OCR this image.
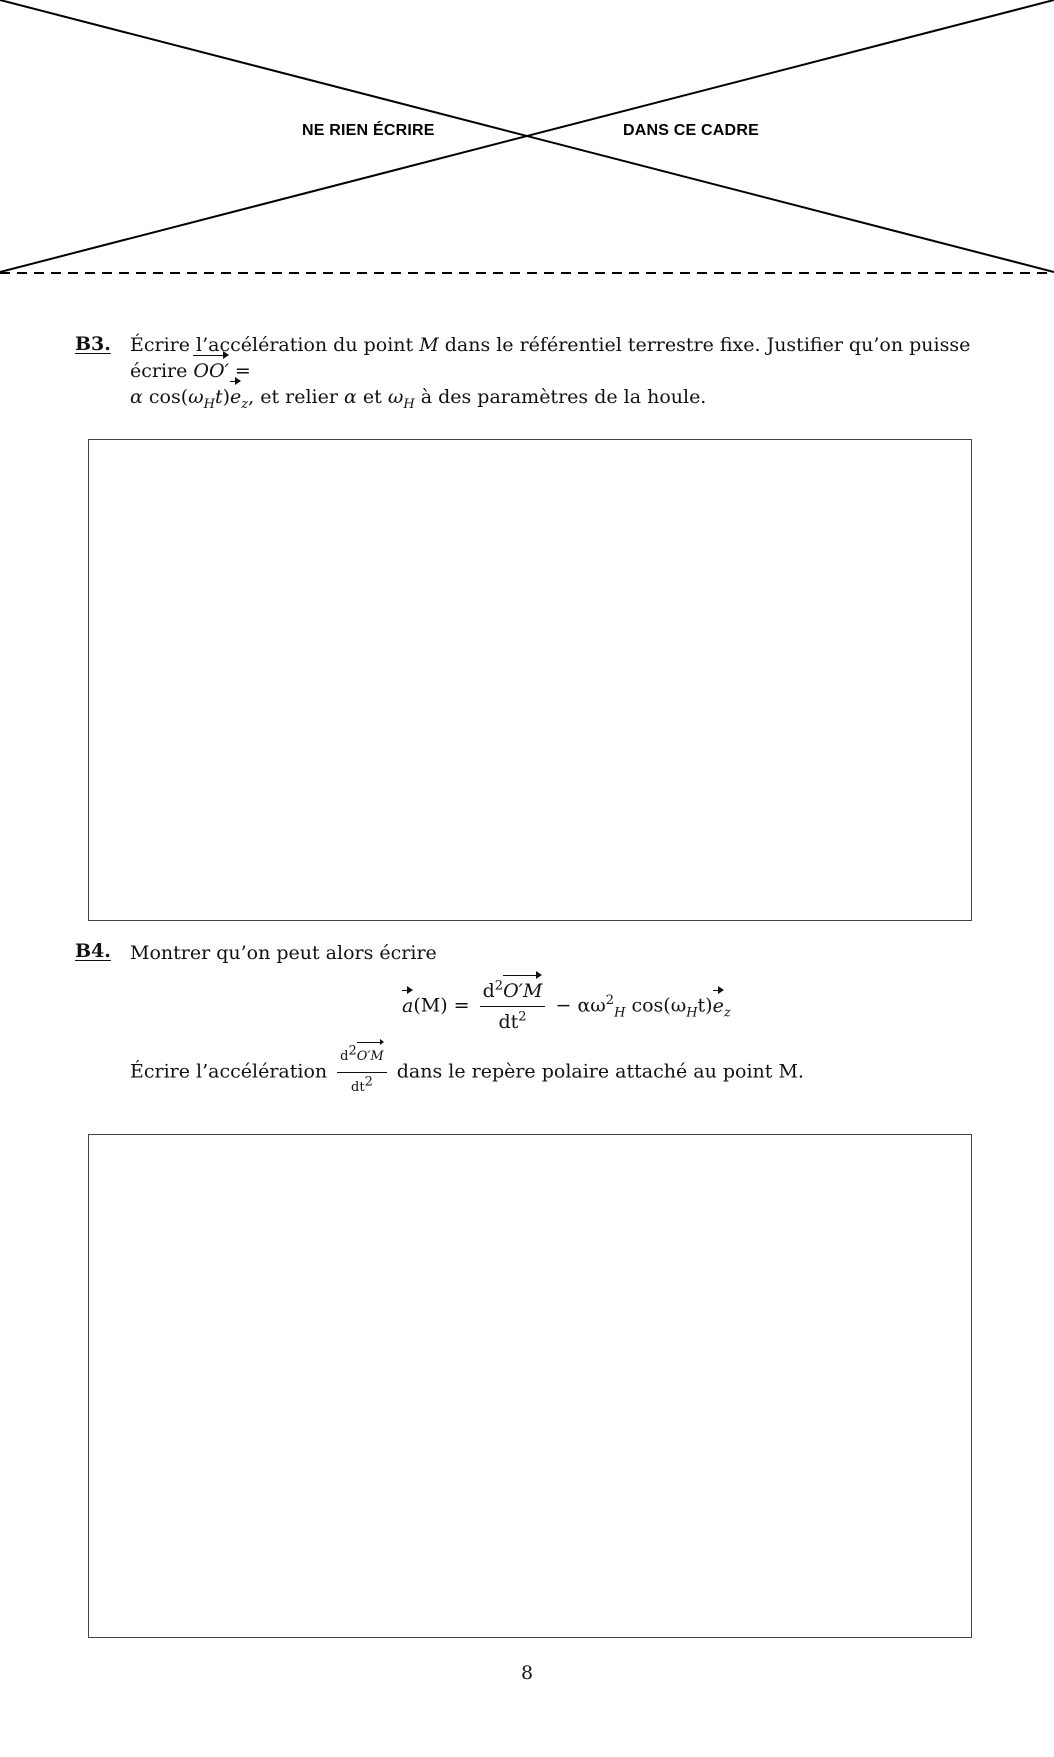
NE RIEN ÉCRIRE	DANS CE CADRE
B3. Écrire l’accélération du point M dans le référentiel terrestre fixe. Justifier qu’on puisse écrire OO′ =
α $\cos(\omega_Ht)e_z$, et relier α et $\omega_H$ à des paramètres de la houle.
B4. Montrer qu’on peut alors écrire
$a(M) = \frac{d^2O'M}{dt^2} - \alpha\omega^2_H$ $\cos(\omega_Ht)e_z$
Écrire l’accélération $\frac{d^2O'M}{dt^2}$ dans le repère polaire attaché au point M.
8
